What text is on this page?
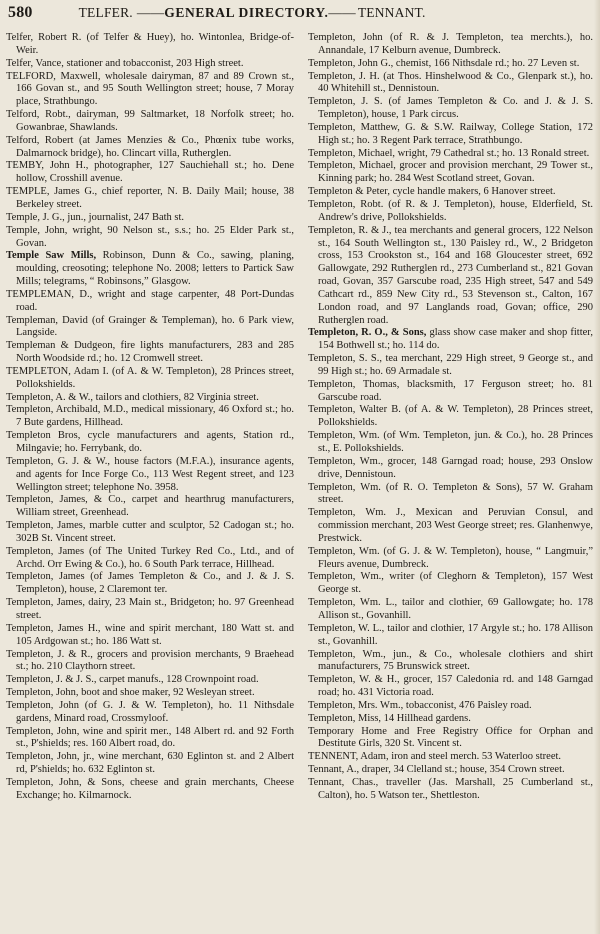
580	TELFER. —— GENERAL DIRECTORY. —— TENNANT.

Telfer, Robert R. (of Telfer & Huey), ho. Wintonlea, Bridge-of-Weir.

Telfer, Vance, stationer and tobacconist, 203 High street.

TELFORD, Maxwell, wholesale dairyman, 87 and 89 Crown st., 166 Govan st., and 95 South Wellington street; house, 7 Moray place, Strathbungo.

Telford, Robt., dairyman, 99 Saltmarket, 18 Norfolk street; ho. Gowanbrae, Shawlands.

Telford, Robert (at James Menzies & Co., Phœnix tube works, Dalmarnock bridge), ho. Clincart villa, Rutherglen.

TEMBY, John H., photographer, 127 Sauchiehall st.; ho. Dene hollow, Crosshill avenue.

TEMPLE, James G., chief reporter, N. B. Daily Mail; house, 38 Berkeley street.

Temple, J. G., jun., journalist, 247 Bath st.

Temple, John, wright, 90 Nelson st., s.s.; ho. 25 Elder Park st., Govan.

Temple Saw Mills, Robinson, Dunn & Co., sawing, planing, moulding, creosoting; telephone No. 2008; letters to Partick Saw Mills; telegrams, “ Robinsons,” Glasgow.

TEMPLEMAN, D., wright and stage carpenter, 48 Port-Dundas road.

Templeman, David (of Grainger & Templeman), ho. 6 Park view, Langside.

Templeman & Dudgeon, fire lights manufacturers, 283 and 285 North Woodside rd.; ho. 12 Cromwell street.

TEMPLETON, Adam I. (of A. & W. Templeton), 28 Princes street, Pollokshields.

Templeton, A. & W., tailors and clothiers, 82 Virginia street.

Templeton, Archibald, M.D., medical missionary, 46 Oxford st.; ho. 7 Bute gardens, Hillhead.

Templeton Bros, cycle manufacturers and agents, Station rd., Milngavie; ho. Ferrybank, do.

Templeton, G. J. & W., house factors (M.F.A.), insurance agents, and agents for Ince Forge Co., 113 West Regent street, and 123 Wellington street; telephone No. 3958.

Templeton, James, & Co., carpet and hearthrug manufacturers, William street, Greenhead.

Templeton, James, marble cutter and sculptor, 52 Cadogan st.; ho. 302B St. Vincent street.

Templeton, James (of The United Turkey Red Co., Ltd., and of Archd. Orr Ewing & Co.), ho. 6 South Park terrace, Hillhead.

Templeton, James (of James Templeton & Co., and J. & J. S. Templeton), house, 2 Claremont ter.

Templeton, James, dairy, 23 Main st., Bridgeton; ho. 97 Greenhead street.

Templeton, James H., wine and spirit merchant, 180 Watt st. and 105 Ardgowan st.; ho. 186 Watt st.

Templeton, J. & R., grocers and provision merchants, 9 Braehead st.; ho. 210 Claythorn street.

Templeton, J. & J. S., carpet manufs., 128 Crownpoint road.

Templeton, John, boot and shoe maker, 92 Wesleyan street.

Templeton, John (of G. J. & W. Templeton), ho. 11 Nithsdale gardens, Minard road, Crossmyloof.

Templeton, John, wine and spirit mer., 148 Albert rd. and 92 Forth st., P'shields; res. 160 Albert road, do.

Templeton, John, jr., wine merchant, 630 Eglinton st. and 2 Albert rd, P'shields; ho. 632 Eglinton st.

Templeton, John, & Sons, cheese and grain merchants, Cheese Exchange; ho. Kilmarnock.

Templeton, John (of R. & J. Templeton, tea merchts.), ho. Annandale, 17 Kelburn avenue, Dumbreck.

Templeton, John G., chemist, 166 Nithsdale rd.; ho. 27 Leven st.

Templeton, J. H. (at Thos. Hinshelwood & Co., Glenpark st.), ho. 40 Whitehill st., Dennistoun.

Templeton, J. S. (of James Templeton & Co. and J. & J. S. Templeton), house, 1 Park circus.

Templeton, Matthew, G. & S.W. Railway, College Station, 172 High st.; ho. 3 Regent Park terrace, Strathbungo.

Templeton, Michael, wright, 79 Cathedral st.; ho. 13 Ronald street.

Templeton, Michael, grocer and provision merchant, 29 Tower st., Kinning park; ho. 284 West Scotland street, Govan.

Templeton & Peter, cycle handle makers, 6 Hanover street.

Templeton, Robt. (of R. & J. Templeton), house, Elderfield, St. Andrew's drive, Pollokshields.

Templeton, R. & J., tea merchants and general grocers, 122 Nelson st., 164 South Wellington st., 130 Paisley rd., W., 2 Bridgeton cross, 153 Crookston st., 164 and 168 Gloucester street, 692 Gallowgate, 292 Rutherglen rd., 273 Cumberland st., 821 Govan road, Govan, 357 Garscube road, 235 High street, 547 and 549 Cathcart rd., 859 New City rd., 53 Stevenson st., Calton, 167 London road, and 97 Langlands road, Govan; office, 290 Rutherglen road.

Templeton, R. O., & Sons, glass show case maker and shop fitter, 154 Bothwell st.; ho. 114 do.

Templeton, S. S., tea merchant, 229 High street, 9 George st., and 99 High st.; ho. 69 Armadale st.

Templeton, Thomas, blacksmith, 17 Ferguson street; ho. 81 Garscube road.

Templeton, Walter B. (of A. & W. Templeton), 28 Princes street, Pollokshields.

Templeton, Wm. (of Wm. Templeton, jun. & Co.), ho. 28 Princes st., E. Pollokshields.

Templeton, Wm., grocer, 148 Garngad road; house, 293 Onslow drive, Dennistoun.

Templeton, Wm. (of R. O. Templeton & Sons), 57 W. Graham street.

Templeton, Wm. J., Mexican and Peruvian Consul, and commission merchant, 203 West George street; res. Glanhenwye, Prestwick.

Templeton, Wm. (of G. J. & W. Templeton), house, “ Langmuir,” Fleurs avenue, Dumbreck.

Templeton, Wm., writer (of Cleghorn & Templeton), 157 West George st.

Templeton, Wm. L., tailor and clothier, 69 Gallowgate; ho. 178 Allison st., Govanhill.

Templeton, W. L., tailor and clothier, 17 Argyle st.; ho. 178 Allison st., Govanhill.

Templeton, Wm., jun., & Co., wholesale clothiers and shirt manufacturers, 75 Brunswick street.

Templeton, W. & H., grocer, 157 Caledonia rd. and 148 Garngad road; ho. 431 Victoria road.

Templeton, Mrs. Wm., tobacconist, 476 Paisley road.

Templeton, Miss, 14 Hillhead gardens.

Temporary Home and Free Registry Office for Orphan and Destitute Girls, 320 St. Vincent st.

TENNENT, Adam, iron and steel merch. 53 Waterloo street.

Tennant, A., draper, 34 Clelland st.; house, 354 Crown street.

Tennant, Chas., traveller (Jas. Marshall, 25 Cumberland st., Calton), ho. 5 Watson ter., Shettleston.
